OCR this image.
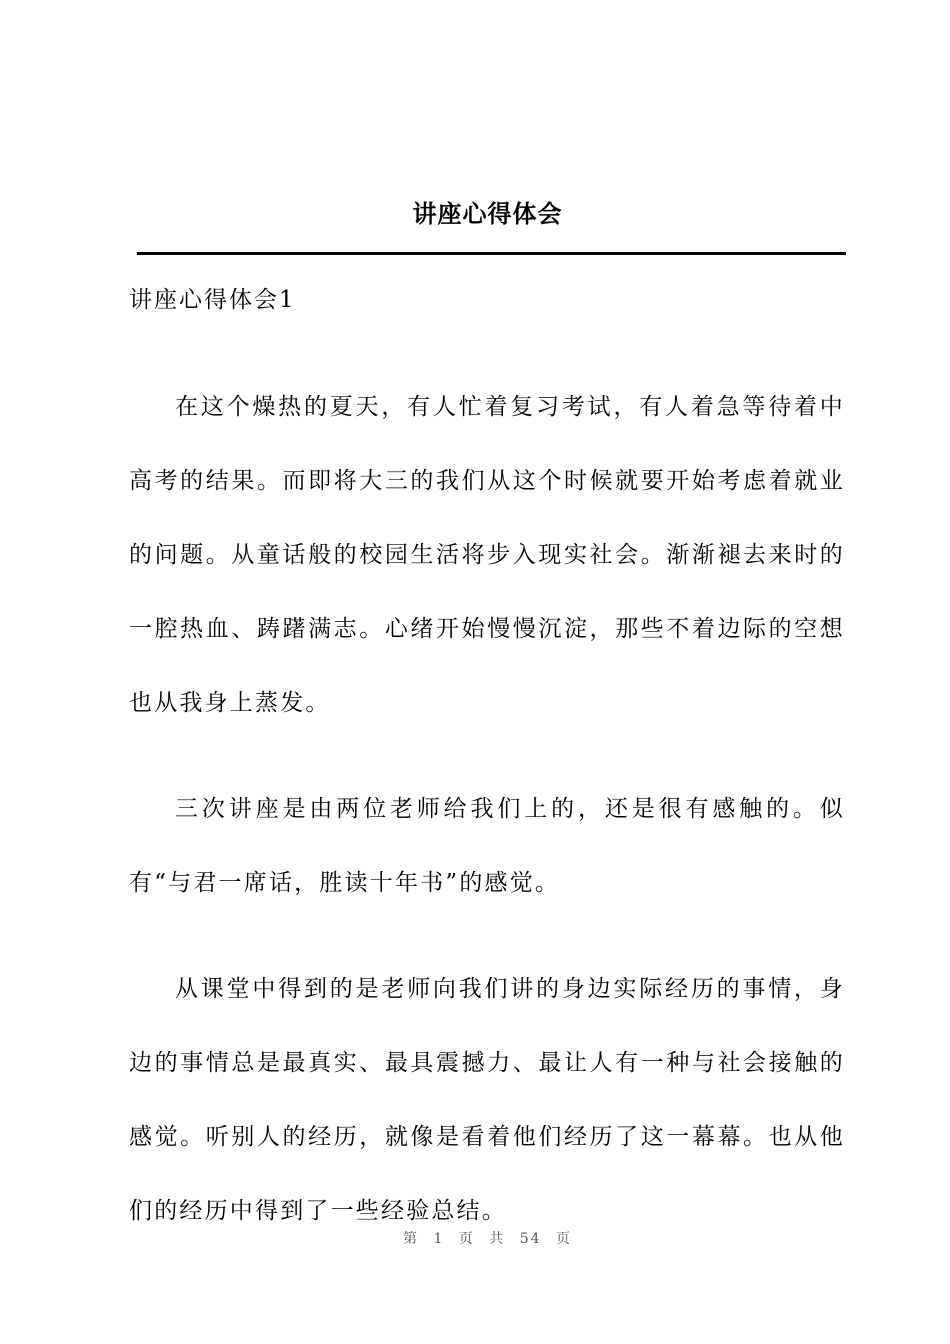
讲座心得体会

讲座心得体会1

在这个燥热的夏天，有人忙着复习考试，有人着急等待着中高考的结果。而即将大三的我们从这个时候就要开始考虑着就业的问题。从童话般的校园生活将步入现实社会。渐渐褪去来时的一腔热血、踌躇满志。心绪开始慢慢沉淀，那些不着边际的空想也从我身上蒸发。

三次讲座是由两位老师给我们上的，还是很有感触的。似有“与君一席话，胜读十年书”的感觉。

从课堂中得到的是老师向我们讲的身边实际经历的事情，身边的事情总是最真实、最具震撼力、最让人有一种与社会接触的感觉。听别人的经历，就像是看着他们经历了这一幕幕。也从他们的经历中得到了一些经验总结。

第 1 页 共 54 页
